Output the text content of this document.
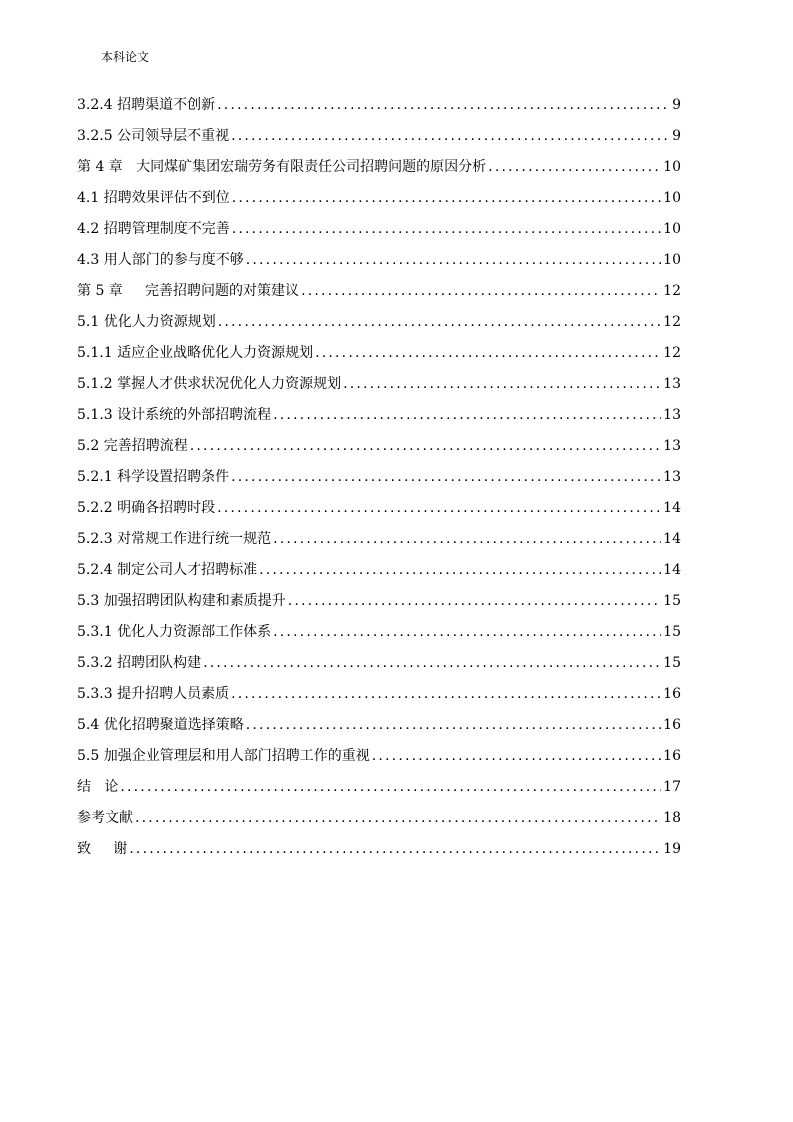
本科论文
3.2.4 招聘渠道不创新 .....	9
3.2.5 公司领导层不重视 .....	9
第 4 章   大同煤矿集团宏瑞劳务有限责任公司招聘问题的原因分析 .....	10
4.1 招聘效果评估不到位 .....	10
4.2 招聘管理制度不完善 .....	10
4.3 用人部门的参与度不够 .....	10
第 5 章     完善招聘问题的对策建议 .....	12
5.1 优化人力资源规划 .....	12
5.1.1 适应企业战略优化人力资源规划 .....	12
5.1.2 掌握人才供求状况优化人力资源规划 .....	13
5.1.3 设计系统的外部招聘流程 .....	13
5.2 完善招聘流程 .....	13
5.2.1 科学设置招聘条件 .....	13
5.2.2 明确各招聘时段 .....	14
5.2.3 对常规工作进行统一规范 .....	14
5.2.4 制定公司人才招聘标准 .....	14
5.3 加强招聘团队构建和素质提升 .....	15
5.3.1 优化人力资源部工作体系 .....	15
5.3.2 招聘团队构建 .....	15
5.3.3 提升招聘人员素质 .....	16
5.4 优化招聘聚道选择策略 .....	16
5.5 加强企业管理层和用人部门招聘工作的重视 .....	16
结   论 .....	17
参考文献 .....	18
致     谢 .....	19
